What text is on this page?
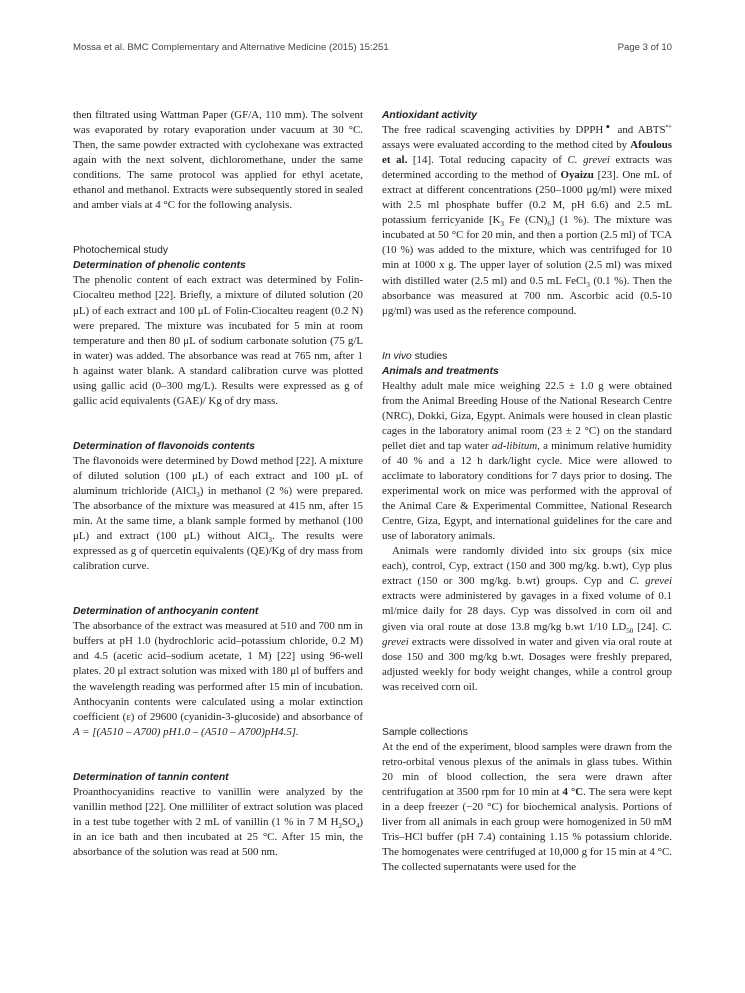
Mossa et al. BMC Complementary and Alternative Medicine (2015) 15:251	Page 3 of 10

then filtrated using Wattman Paper (GF/A, 110 mm). The solvent was evaporated by rotary evaporation under vacuum at 30 °C. Then, the same powder extracted with cyclohexane was extracted again with the next solvent, dichloromethane, under the same conditions. The same protocol was applied for ethyl acetate, ethanol and methanol. Extracts were subsequently stored in sealed and amber vials at 4 °C for the following analysis.

Photochemical study
Determination of phenolic contents

The phenolic content of each extract was determined by Folin-Ciocalteu method [22]. Briefly, a mixture of diluted solution (20 μL) of each extract and 100 μL of Folin-Ciocalteu reagent (0.2 N) were prepared. The mixture was incubated for 5 min at room temperature and then 80 μL of sodium carbonate solution (75 g/L in water) was added. The absorbance was read at 765 nm, after 1 h against water blank. A standard calibration curve was plotted using gallic acid (0–300 mg/L). Results were expressed as g of gallic acid equivalents (GAE)/ Kg of dry mass.

Determination of flavonoids contents

The flavonoids were determined by Dowd method [22]. A mixture of diluted solution (100 μL) of each extract and 100 μL of aluminum trichloride (AlCl$_3$) in methanol (2 %) were prepared. The absorbance of the mixture was measured at 415 nm, after 15 min. At the same time, a blank sample formed by methanol (100 μL) and extract (100 μL) without AlCl$_3$. The results were expressed as g of quercetin equivalents (QE)/Kg of dry mass from calibration curve.

Determination of anthocyanin content

The absorbance of the extract was measured at 510 and 700 nm in buffers at pH 1.0 (hydrochloric acid–potassium chloride, 0.2 M) and 4.5 (acetic acid–sodium acetate, 1 M) [22] using 96-well plates. 20 μl extract solution was mixed with 180 μl of buffers and the wavelength reading was performed after 15 min of incubation. Anthocyanin contents were calculated using a molar extinction coefficient (ε) of 29600 (cyanidin-3-glucoside) and absorbance of A = [(A510 – A700) pH1.0 – (A510 – A700)pH4.5].

Determination of tannin content

Proanthocyanidins reactive to vanillin were analyzed by the vanillin method [22]. One milliliter of extract solution was placed in a test tube together with 2 mL of vanillin (1 % in 7 M $H_2SO_4$) in an ice bath and then incubated at 25 °C. After 15 min, the absorbance of the solution was read at 500 nm.

Antioxidant activity

The free radical scavenging activities by DPPH● and ABTS•+ assays were evaluated according to the method cited by Afoulous et al. [14]. Total reducing capacity of C. grevei extracts was determined according to the method of Oyaizu [23]. One mL of extract at different concentrations (250–1000 μg/ml) were mixed with 2.5 ml phosphate buffer (0.2 M, pH 6.6) and 2.5 mL potassium ferricyanide [$K_3$ Fe $(CN)_6$] (1 %). The mixture was incubated at 50 °C for 20 min, and then a portion (2.5 ml) of TCA (10 %) was added to the mixture, which was centrifuged for 10 min at 1000 x g. The upper layer of solution (2.5 ml) was mixed with distilled water (2.5 ml) and 0.5 mL FeCl$_3$ (0.1 %). Then the absorbance was measured at 700 nm. Ascorbic acid (0.5-10 μg/ml) was used as the reference compound.

In vivo studies
Animals and treatments

Healthy adult male mice weighing 22.5 ± 1.0 g were obtained from the Animal Breeding House of the National Research Centre (NRC), Dokki, Giza, Egypt. Animals were housed in clean plastic cages in the laboratory animal room (23 ± 2 °C) on the standard pellet diet and tap water ad-libitum, a minimum relative humidity of 40 % and a 12 h dark/light cycle. Mice were allowed to acclimate to laboratory conditions for 7 days prior to dosing. The experimental work on mice was performed with the approval of the Animal Care & Experimental Committee, National Research Centre, Giza, Egypt, and international guidelines for the care and use of laboratory animals.

Animals were randomly divided into six groups (six mice each), control, Cyp, extract (150 and 300 mg/kg. b.wt), Cyp plus extract (150 or 300 mg/kg. b.wt) groups. Cyp and C. grevei extracts were administered by gavages in a fixed volume of 0.1 ml/mice daily for 28 days. Cyp was dissolved in corn oil and given via oral route at dose 13.8 mg/kg b.wt 1/10 $LD_{50}$ [24]. C. grevei extracts were dissolved in water and given via oral route at dose 150 and 300 mg/kg b.wt. Dosages were freshly prepared, adjusted weekly for body weight changes, while a control group was received corn oil.

Sample collections

At the end of the experiment, blood samples were drawn from the retro-orbital venous plexus of the animals in glass tubes. Within 20 min of blood collection, the sera were drawn after centrifugation at 3500 rpm for 10 min at 4 °C. The sera were kept in a deep freezer (−20 °C) for biochemical analysis. Portions of liver from all animals in each group were homogenized in 50 mM Tris–HCl buffer (pH 7.4) containing 1.15 % potassium chloride. The homogenates were centrifuged at 10,000 g for 15 min at 4 °C. The collected supernatants were used for the
